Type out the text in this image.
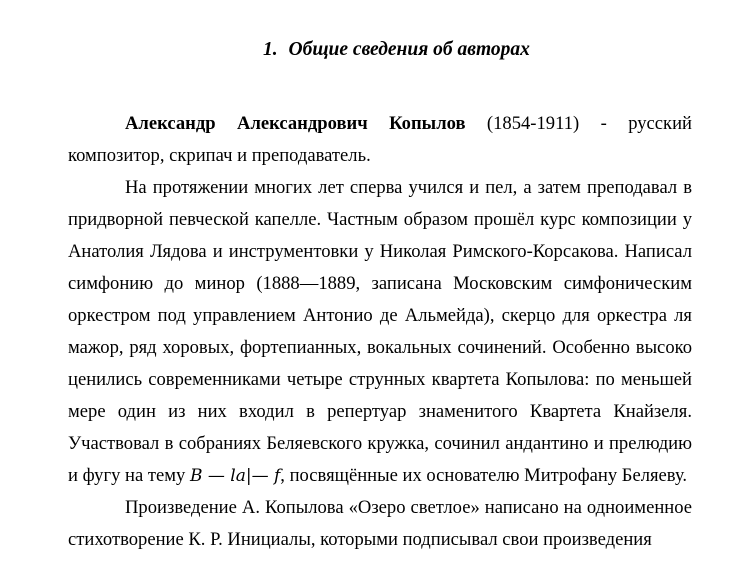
1. Общие сведения об авторах

Александр Александрович Копылов (1854-1911) - русский композитор, скрипач и преподаватель.

На протяжении многих лет сперва учился и пел, а затем преподавал в придворной певческой капелле. Частным образом прошёл курс композиции у Анатолия Лядова и инструментовки у Николая Римского-Корсакова. Написал симфонию до минор (1888—1889, записана Московским симфоническим оркестром под управлением Антонио де Альмейда), скерцо для оркестра ля мажор, ряд хоровых, фортепианных, вокальных сочинений. Особенно высоко ценились современниками четыре струнных квартета Копылова: по меньшей мере один из них входил в репертуар знаменитого Квартета Кнайзеля. Участвовал в собраниях Беляевского кружка, сочинил андантино и прелюдию и фугу на тему B — la|— f, посвящённые их основателю Митрофану Беляеву.

Произведение А. Копылова «Озеро светлое» написано на одноименное стихотворение К. Р. Инициалы, которыми подписывал свои произведения
